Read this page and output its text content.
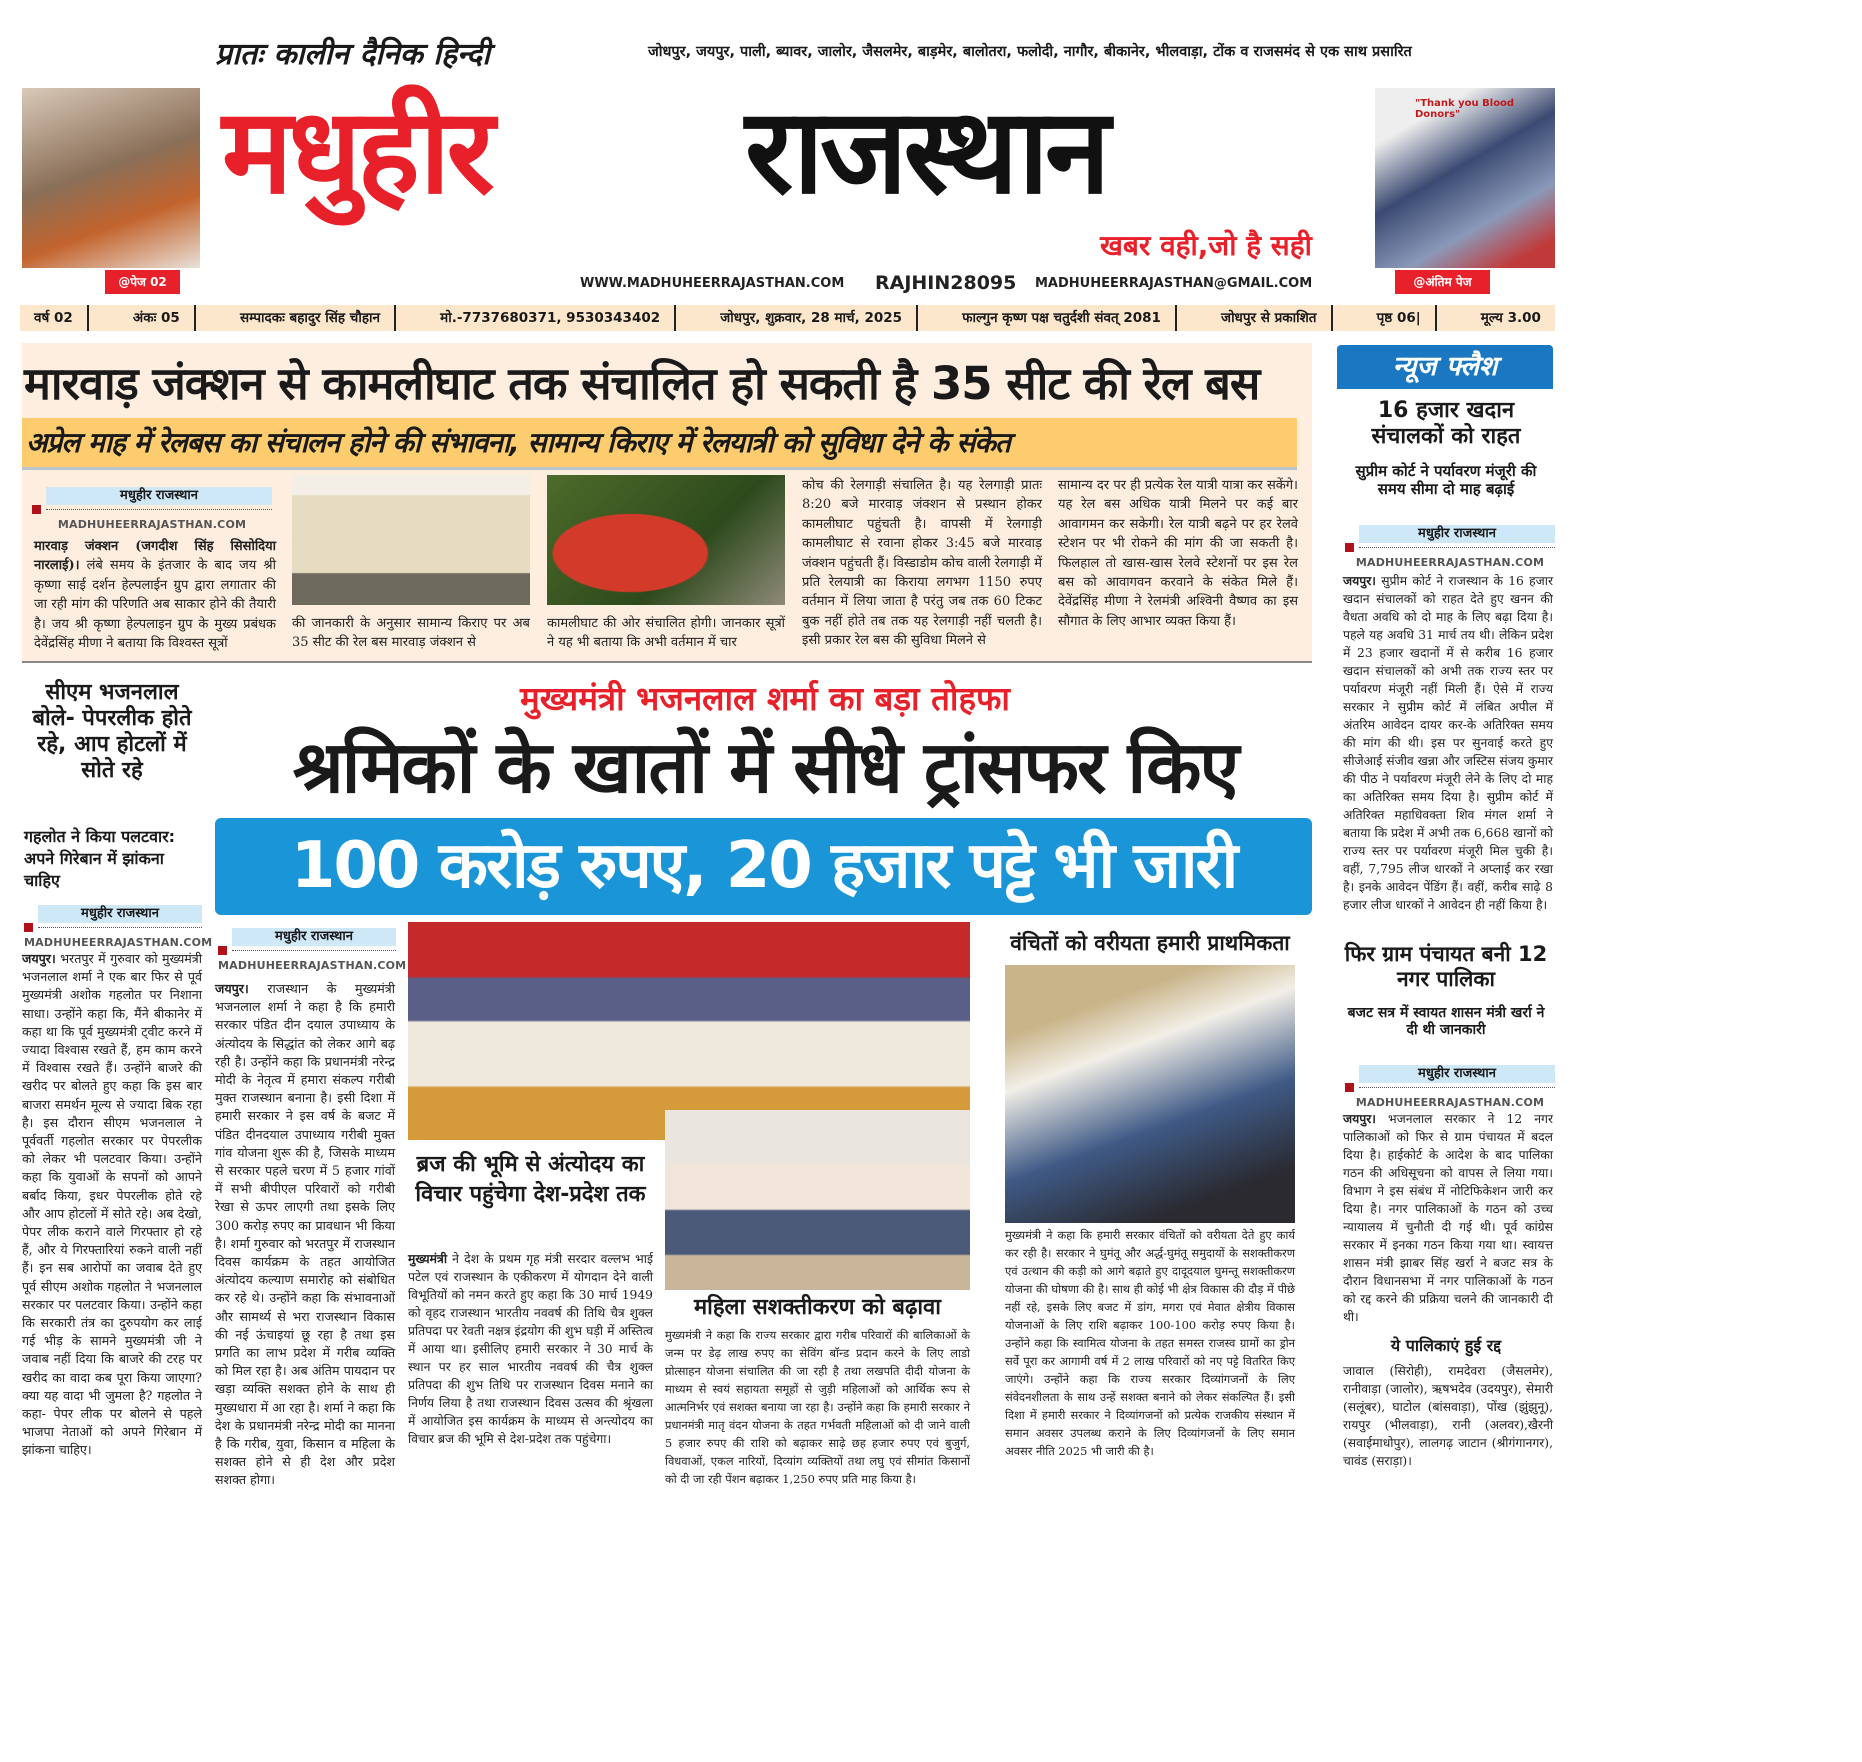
प्रातः कालीन दैनिक हिन्दी	जोधपुर, जयपुर, पाली, ब्यावर, जालोर, जैसलमेर, बाड़मेर, बालोतरा, फलोदी, नागौर, बीकानेर, भीलवाड़ा, टोंक व राजसमंद से एक साथ प्रसारित
@पेज 02
मधुहीर राजस्थान
खबर वही,जो है सही
WWW.MADHUHEERRAJASTHAN.COM RAJHIN28095 MADHUHEERRAJASTHAN@GMAIL.COM
"Thank you Blood Donors"
@अंतिम पेज
वर्ष 02	अंकः 05	सम्पादकः बहादुर सिंह चौहान	मो.-7737680371, 9530343402	जोधपुर, शुक्रवार, 28 मार्च, 2025	फाल्गुन कृष्ण पक्ष चतुर्दशी संवत् 2081	जोधपुर से प्रकाशित	पृष्ठ 06|	मूल्य 3.00
मारवाड़ जंक्शन से कामलीघाट तक संचालित हो सकती है 35 सीट की रेल बस
अप्रेल माह में रेलबस का संचालन होने की संभावना, सामान्य किराए में रेलयात्री को सुविधा देने के संकेत
मधुहीर राजस्थान
MADHUHEERRAJASTHAN.COM
मारवाड़ जंक्शन (जगदीश सिंह सिसोदिया नारलाई)। लंबे समय के इंतजार के बाद जय श्री कृष्णा साई दर्शन हेल्पलाईन ग्रुप द्वारा लगातार की जा रही मांग की परिणति अब साकार होने की तैयारी है। जय श्री कृष्णा हेल्पलाइन ग्रुप के मुख्य प्रबंधक देवेंद्रसिंह मीणा ने बताया कि विश्वस्त सूत्रों
की जानकारी के अनुसार सामान्य किराए पर अब 35 सीट की रेल बस मारवाड़ जंक्शन से
कामलीघाट की ओर संचालित होगी। जानकार सूत्रों ने यह भी बताया कि अभी वर्तमान में चार
कोच की रेलगाड़ी संचालित है। यह रेलगाड़ी प्रातः 8:20 बजे मारवाड़ जंक्शन से प्रस्थान होकर कामलीघाट पहुंचती है। वापसी में रेलगाड़ी कामलीघाट से रवाना होकर 3:45 बजे मारवाड़ जंक्शन पहुंचती हैं। विस्डाडोम कोच वाली रेलगाड़ी में प्रति रेलयात्री का किराया लगभग 1150 रुपए वर्तमान में लिया जाता है परंतु जब तक 60 टिकट बुक नहीं होते तब तक यह रेलगाड़ी नहीं चलती है। इसी प्रकार रेल बस की सुविधा मिलने से
सामान्य दर पर ही प्रत्येक रेल यात्री यात्रा कर सकेंगे। यह रेल बस अधिक यात्री मिलने पर कई बार आवागमन कर सकेगी। रेल यात्री बढ़ने पर हर रेलवे स्टेशन पर भी रोकने की मांग की जा सकती है। फिलहाल तो खास-खास रेलवे स्टेशनों पर इस रेल बस को आवागवन करवाने के संकेत मिले हैं। देवेंद्रसिंह मीणा ने रेलमंत्री अश्विनी वैष्णव का इस सौगात के लिए आभार व्यक्त किया हैं।
न्यूज फ्लैश
16 हजार खदान संचालकों को राहत
सुप्रीम कोर्ट ने पर्यावरण मंजूरी की समय सीमा दो माह बढ़ाई
मधुहीर राजस्थान
MADHUHEERRAJASTHAN.COM
जयपुर। सुप्रीम कोर्ट ने राजस्थान के 16 हजार खदान संचालकों को राहत देते हुए खनन की वैधता अवधि को दो माह के लिए बढ़ा दिया है। पहले यह अवधि 31 मार्च तय थी। लेकिन प्रदेश में 23 हजार खदानों में से करीब 16 हजार खदान संचालकों को अभी तक राज्य स्तर पर पर्यावरण मंजूरी नहीं मिली हैं। ऐसे में राज्य सरकार ने सुप्रीम कोर्ट में लंबित अपील में अंतरिम आवेदन दायर कर-के अतिरिक्त समय की मांग की थी। इस पर सुनवाई करते हुए सीजेआई संजीव खन्ना और जस्टिस संजय कुमार की पीठ ने पर्यावरण मंजूरी लेने के लिए दो माह का अतिरिक्त समय दिया है। सुप्रीम कोर्ट में अतिरिक्त महाधिवक्ता शिव मंगल शर्मा ने बताया कि प्रदेश में अभी तक 6,668 खानों को राज्य स्तर पर पर्यावरण मंजूरी मिल चुकी है। वहीं, 7,795 लीज धारकों ने अप्लाई कर रखा है। इनके आवेदन पेंडिंग हैं। वहीं, करीब साढ़े 8 हजार लीज धारकों ने आवेदन ही नहीं किया है।
फिर ग्राम पंचायत बनी 12 नगर पालिका
बजट सत्र में स्वायत शासन मंत्री खर्रा ने दी थी जानकारी
मधुहीर राजस्थान
MADHUHEERRAJASTHAN.COM
जयपुर। भजनलाल सरकार ने 12 नगर पालिकाओं को फिर से ग्राम पंचायत में बदल दिया है। हाईकोर्ट के आदेश के बाद पालिका गठन की अधिसूचना को वापस ले लिया गया। विभाग ने इस संबंध में नोटिफिकेशन जारी कर दिया है। नगर पालिकाओं के गठन को उच्च न्यायालय में चुनौती दी गई थी। पूर्व कांग्रेस सरकार में इनका गठन किया गया था। स्वायत्त शासन मंत्री झाबर सिंह खर्रा ने बजट सत्र के दौरान विधानसभा में नगर पालिकाओं के गठन को रद्द करने की प्रक्रिया चलने की जानकारी दी थी।
ये पालिकाएं हुई रद्द
जावाल (सिरोही), रामदेवरा (जैसलमेर), रानीवाड़ा (जालोर), ऋषभदेव (उदयपुर), सेमारी (सलूंबर), घाटोल (बांसवाड़ा), पोंख (झुंझुनू), रायपुर (भीलवाड़ा), रानी (अलवर),खैरनी (सवाईमाधोपुर), लालगढ़ जाटान (श्रीगंगानगर), चावंड (सराड़ा)।
सीएम भजनलाल बोले- पेपरलीक होते रहे, आप होटलों में सोते रहे
गहलोत ने किया पलटवार: अपने गिरेबान में झांकना चाहिए
मधुहीर राजस्थान
MADHUHEERRAJASTHAN.COM
जयपुर। भरतपुर में गुरुवार को मुख्यमंत्री भजनलाल शर्मा ने एक बार फिर से पूर्व मुख्यमंत्री अशोक गहलोत पर निशाना साधा। उन्होंने कहा कि, मैंने बीकानेर में कहा था कि पूर्व मुख्यमंत्री ट्वीट करने में ज्यादा विश्वास रखते हैं, हम काम करने में विश्वास रखते हैं। उन्होंने बाजरे की खरीद पर बोलते हुए कहा कि इस बार बाजरा समर्थन मूल्य से ज्यादा बिक रहा है। इस दौरान सीएम भजनलाल ने पूर्ववर्ती गहलोत सरकार पर पेपरलीक को लेकर भी पलटवार किया। उन्होंने कहा कि युवाओं के सपनों को आपने बर्बाद किया, इधर पेपरलीक होते रहे और आप होटलों में सोते रहे। अब देखो, पेपर लीक कराने वाले गिरफ्तार हो रहे हैं, और ये गिरफ्तारियां रुकने वाली नहीं हैं। इन सब आरोपों का जवाब देते हुए पूर्व सीएम अशोक गहलोत ने भजनलाल सरकार पर पलटवार किया। उन्होंने कहा कि सरकारी तंत्र का दुरुपयोग कर लाई गई भीड़ के सामने मुख्यमंत्री जी ने जवाब नहीं दिया कि बाजरे की टरह पर खरीद का वादा कब पूरा किया जाएगा? क्या यह वादा भी जुमला है? गहलोत ने कहा- पेपर लीक पर बोलने से पहले भाजपा नेताओं को अपने गिरेबान में झांकना चाहिए।
मुख्यमंत्री भजनलाल शर्मा का बड़ा तोहफा
श्रमिकों के खातों में सीधे ट्रांसफर किए
100 करोड़ रुपए, 20 हजार पट्टे भी जारी
मधुहीर राजस्थान
MADHUHEERRAJASTHAN.COM
जयपुर। राजस्थान के मुख्यमंत्री भजनलाल शर्मा ने कहा है कि हमारी सरकार पंडित दीन दयाल उपाध्याय के अंत्योदय के सिद्धांत को लेकर आगे बढ़ रही है। उन्होंने कहा कि प्रधानमंत्री नरेन्द्र मोदी के नेतृत्व में हमारा संकल्प गरीबी मुक्त राजस्थान बनाना है। इसी दिशा में हमारी सरकार ने इस वर्ष के बजट में पंडित दीनदयाल उपाध्याय गरीबी मुक्त गांव योजना शुरू की है, जिसके माध्यम से सरकार पहले चरण में 5 हजार गांवों में सभी बीपीएल परिवारों को गरीबी रेखा से ऊपर लाएगी तथा इसके लिए 300 करोड़ रुपए का प्रावधान भी किया है। शर्मा गुरुवार को भरतपुर में राजस्थान दिवस कार्यक्रम के तहत आयोजित अंत्योदय कल्याण समारोह को संबोधित कर रहे थे। उन्होंने कहा कि संभावनाओं और सामर्थ्य से भरा राजस्थान विकास की नई ऊंचाइयां छू रहा है तथा इस प्रगति का लाभ प्रदेश में गरीब व्यक्ति को मिल रहा है। अब अंतिम पायदान पर खड़ा व्यक्ति सशक्त होने के साथ ही मुख्यधारा में आ रहा है। शर्मा ने कहा कि देश के प्रधानमंत्री नरेन्द्र मोदी का मानना है कि गरीब, युवा, किसान व महिला के सशक्त होने से ही देश और प्रदेश सशक्त होगा।
ब्रज की भूमि से अंत्योदय का विचार पहुंचेगा देश-प्रदेश तक
मुख्यमंत्री ने देश के प्रथम गृह मंत्री सरदार वल्लभ भाई पटेल एवं राजस्थान के एकीकरण में योगदान देने वाली विभूतियों को नमन करते हुए कहा कि 30 मार्च 1949 को वृहद राजस्थान भारतीय नववर्ष की तिथि चैत्र शुक्ल प्रतिपदा पर रेवती नक्षत्र इंद्रयोग की शुभ घड़ी में अस्तित्व में आया था। इसीलिए हमारी सरकार ने 30 मार्च के स्थान पर हर साल भारतीय नववर्ष की चैत्र शुक्ल प्रतिपदा की शुभ तिथि पर राजस्थान दिवस मनाने का निर्णय लिया है तथा राजस्थान दिवस उत्सव की श्रृंखला में आयोजित इस कार्यक्रम के माध्यम से अन्त्योदय का विचार ब्रज की भूमि से देश-प्रदेश तक पहुंचेगा।
महिला सशक्तीकरण को बढ़ावा
मुख्यमंत्री ने कहा कि राज्य सरकार द्वारा गरीब परिवारों की बालिकाओं के जन्म पर डेढ़ लाख रुपए का सेविंग बॉन्ड प्रदान करने के लिए लाडो प्रोत्साहन योजना संचालित की जा रही है तथा लखपति दीदी योजना के माध्यम से स्वयं सहायता समूहों से जुड़ी महिलाओं को आर्थिक रूप से आत्मनिर्भर एवं सशक्त बनाया जा रहा है। उन्होंने कहा कि हमारी सरकार ने प्रधानमंत्री मातृ वंदन योजना के तहत गर्भवती महिलाओं को दी जाने वाली 5 हजार रुपए की राशि को बढ़ाकर साढ़े छह हजार रुपए एवं बुजुर्ग, विधवाओं, एकल नारियों, दिव्यांग व्यक्तियों तथा लघु एवं सीमांत किसानों को दी जा रही पेंशन बढ़ाकर 1,250 रुपए प्रति माह किया है।
वंचितों को वरीयता हमारी प्राथमिकता
मुख्यमंत्री ने कहा कि हमारी सरकार वंचितों को वरीयता देते हुए कार्य कर रही है। सरकार ने घुमंतू और अर्द्ध-घुमंतू समुदायों के सशक्तीकरण एवं उत्थान की कड़ी को आगे बढ़ाते हुए दादूदयाल घुमन्तू सशक्तीकरण योजना की घोषणा की है। साथ ही कोई भी क्षेत्र विकास की दौड़ में पीछे नहीं रहे, इसके लिए बजट में डांग, मगरा एवं मेवात क्षेत्रीय विकास योजनाओं के लिए राशि बढ़ाकर 100-100 करोड़ रुपए किया है। उन्होंने कहा कि स्वामित्व योजना के तहत समस्त राजस्व ग्रामों का ड्रोन सर्वे पूरा कर आगामी वर्ष में 2 लाख परिवारों को नए पट्टे वितरित किए जाएंगे। उन्होंने कहा कि राज्य सरकार दिव्यांगजनों के लिए संवेदनशीलता के साथ उन्हें सशक्त बनाने को लेकर संकल्पित हैं। इसी दिशा में हमारी सरकार ने दिव्यांगजनों को प्रत्येक राजकीय संस्थान में समान अवसर उपलब्ध कराने के लिए दिव्यांगजनों के लिए समान अवसर नीति 2025 भी जारी की है।
